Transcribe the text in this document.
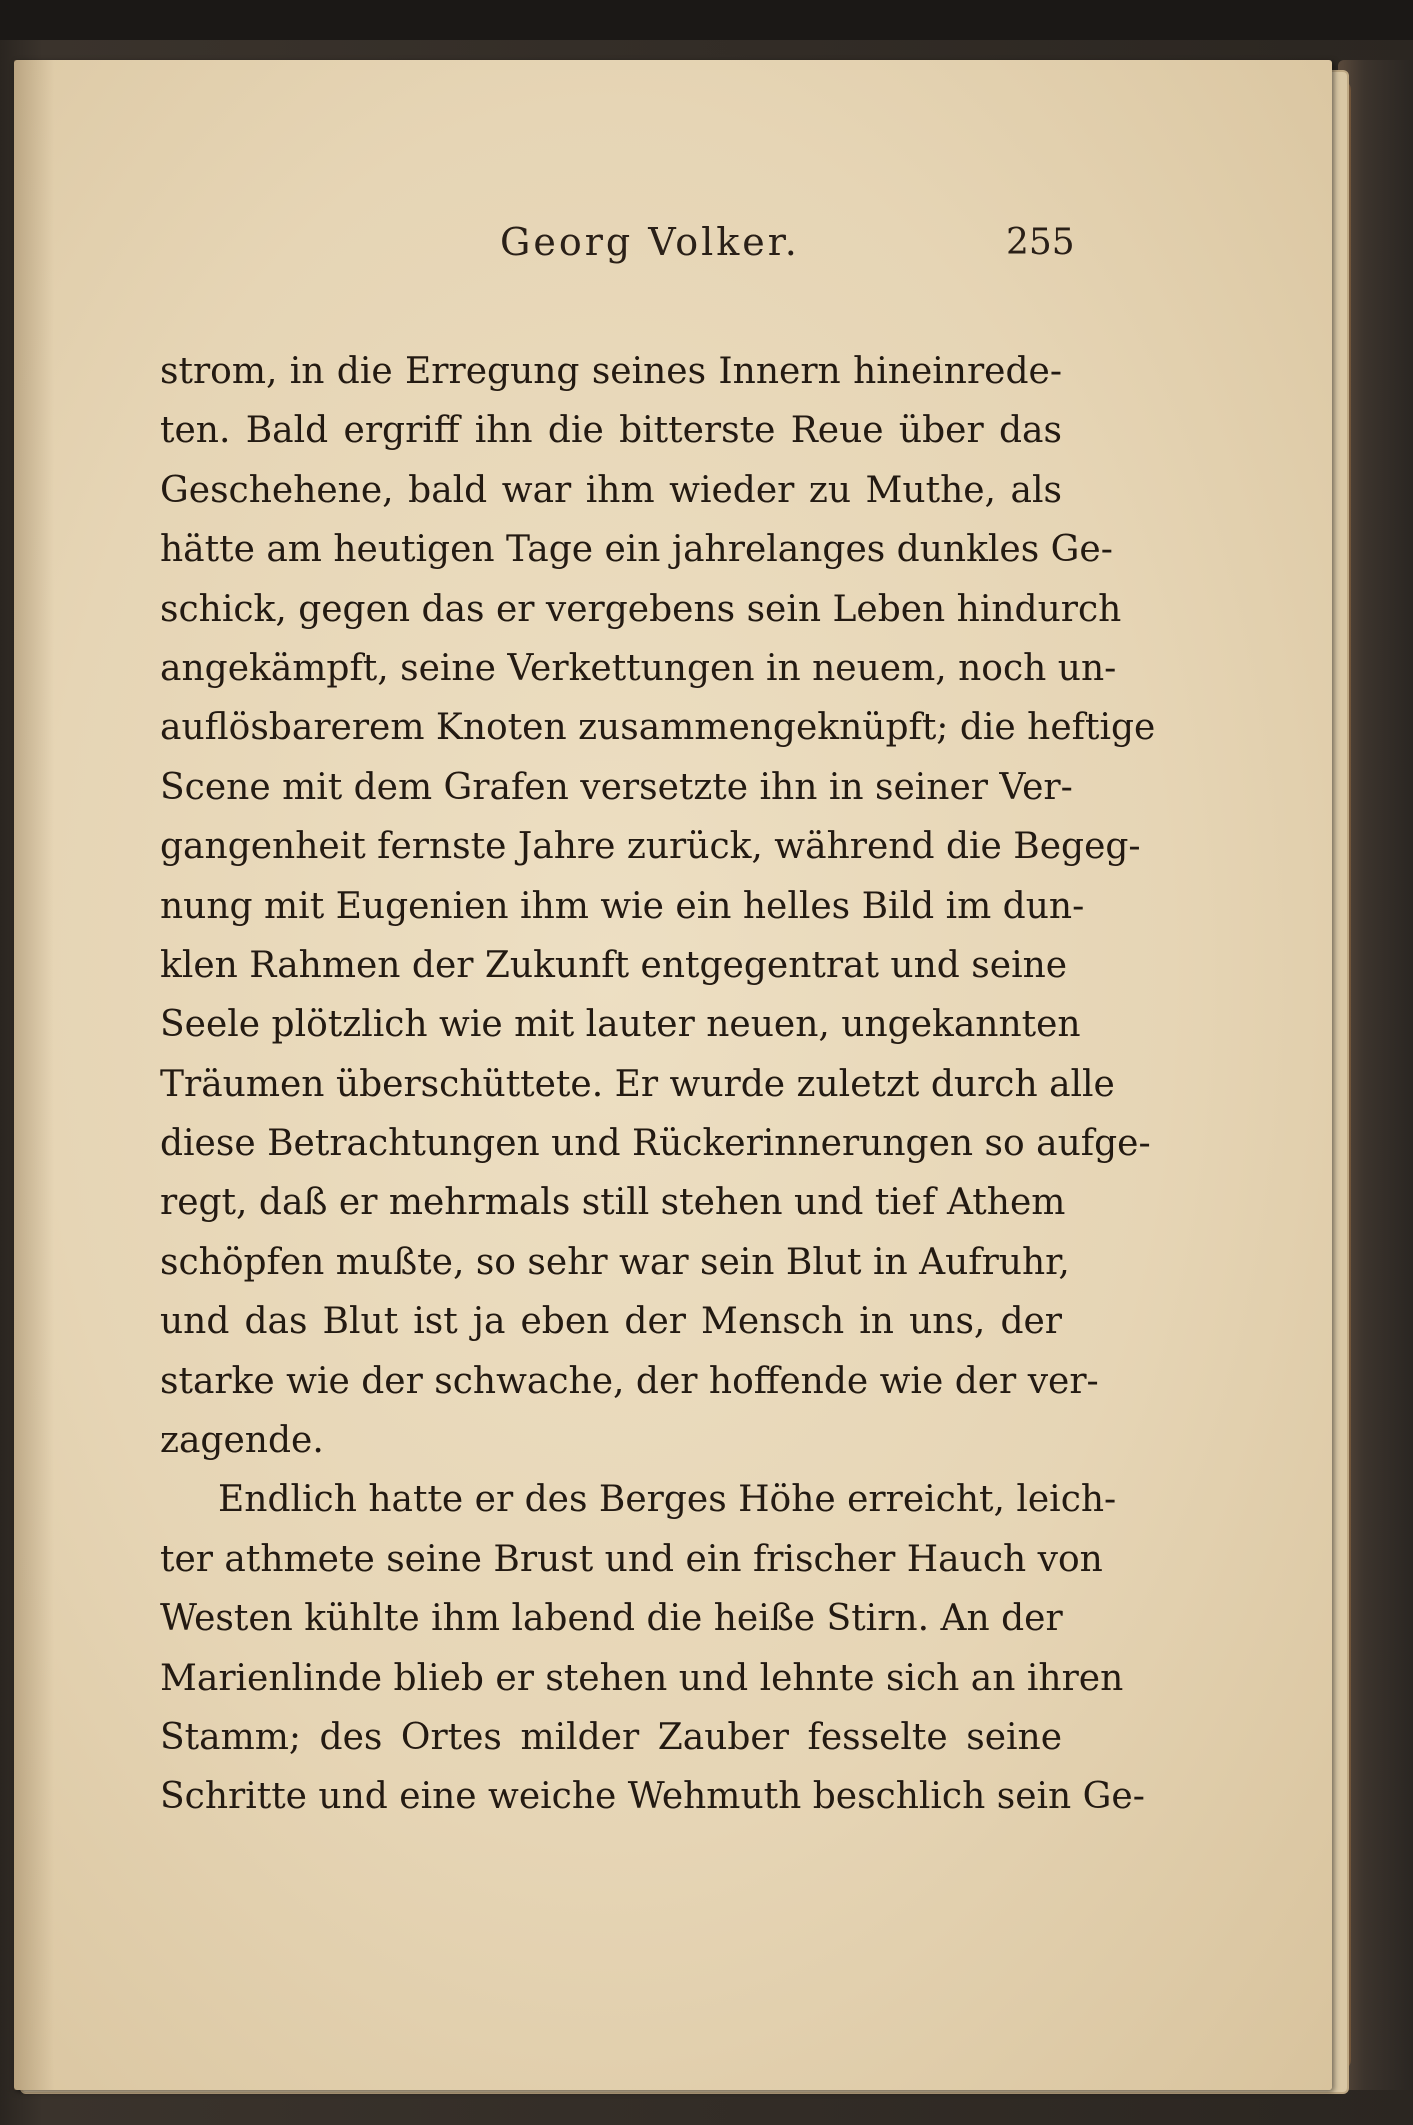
Georg Volker.	255
strom, in die Erregung seines Innern hineinrede-
ten. Bald ergriff ihn die bitterste Reue über das
Geschehene, bald war ihm wieder zu Muthe, als
hätte am heutigen Tage ein jahrelanges dunkles Ge-
schick, gegen das er vergebens sein Leben hindurch
angekämpft, seine Verkettungen in neuem, noch un-
auflösbarerem Knoten zusammengeknüpft; die heftige
Scene mit dem Grafen versetzte ihn in seiner Ver-
gangenheit fernste Jahre zurück, während die Begeg-
nung mit Eugenien ihm wie ein helles Bild im dun-
klen Rahmen der Zukunft entgegentrat und seine
Seele plötzlich wie mit lauter neuen, ungekannten
Träumen überschüttete. Er wurde zuletzt durch alle
diese Betrachtungen und Rückerinnerungen so aufge-
regt, daß er mehrmals still stehen und tief Athem
schöpfen mußte, so sehr war sein Blut in Aufruhr,
und das Blut ist ja eben der Mensch in uns, der
starke wie der schwache, der hoffende wie der ver-
zagende.
Endlich hatte er des Berges Höhe erreicht, leich-
ter athmete seine Brust und ein frischer Hauch von
Westen kühlte ihm labend die heiße Stirn. An der
Marienlinde blieb er stehen und lehnte sich an ihren
Stamm; des Ortes milder Zauber fesselte seine
Schritte und eine weiche Wehmuth beschlich sein Ge-
